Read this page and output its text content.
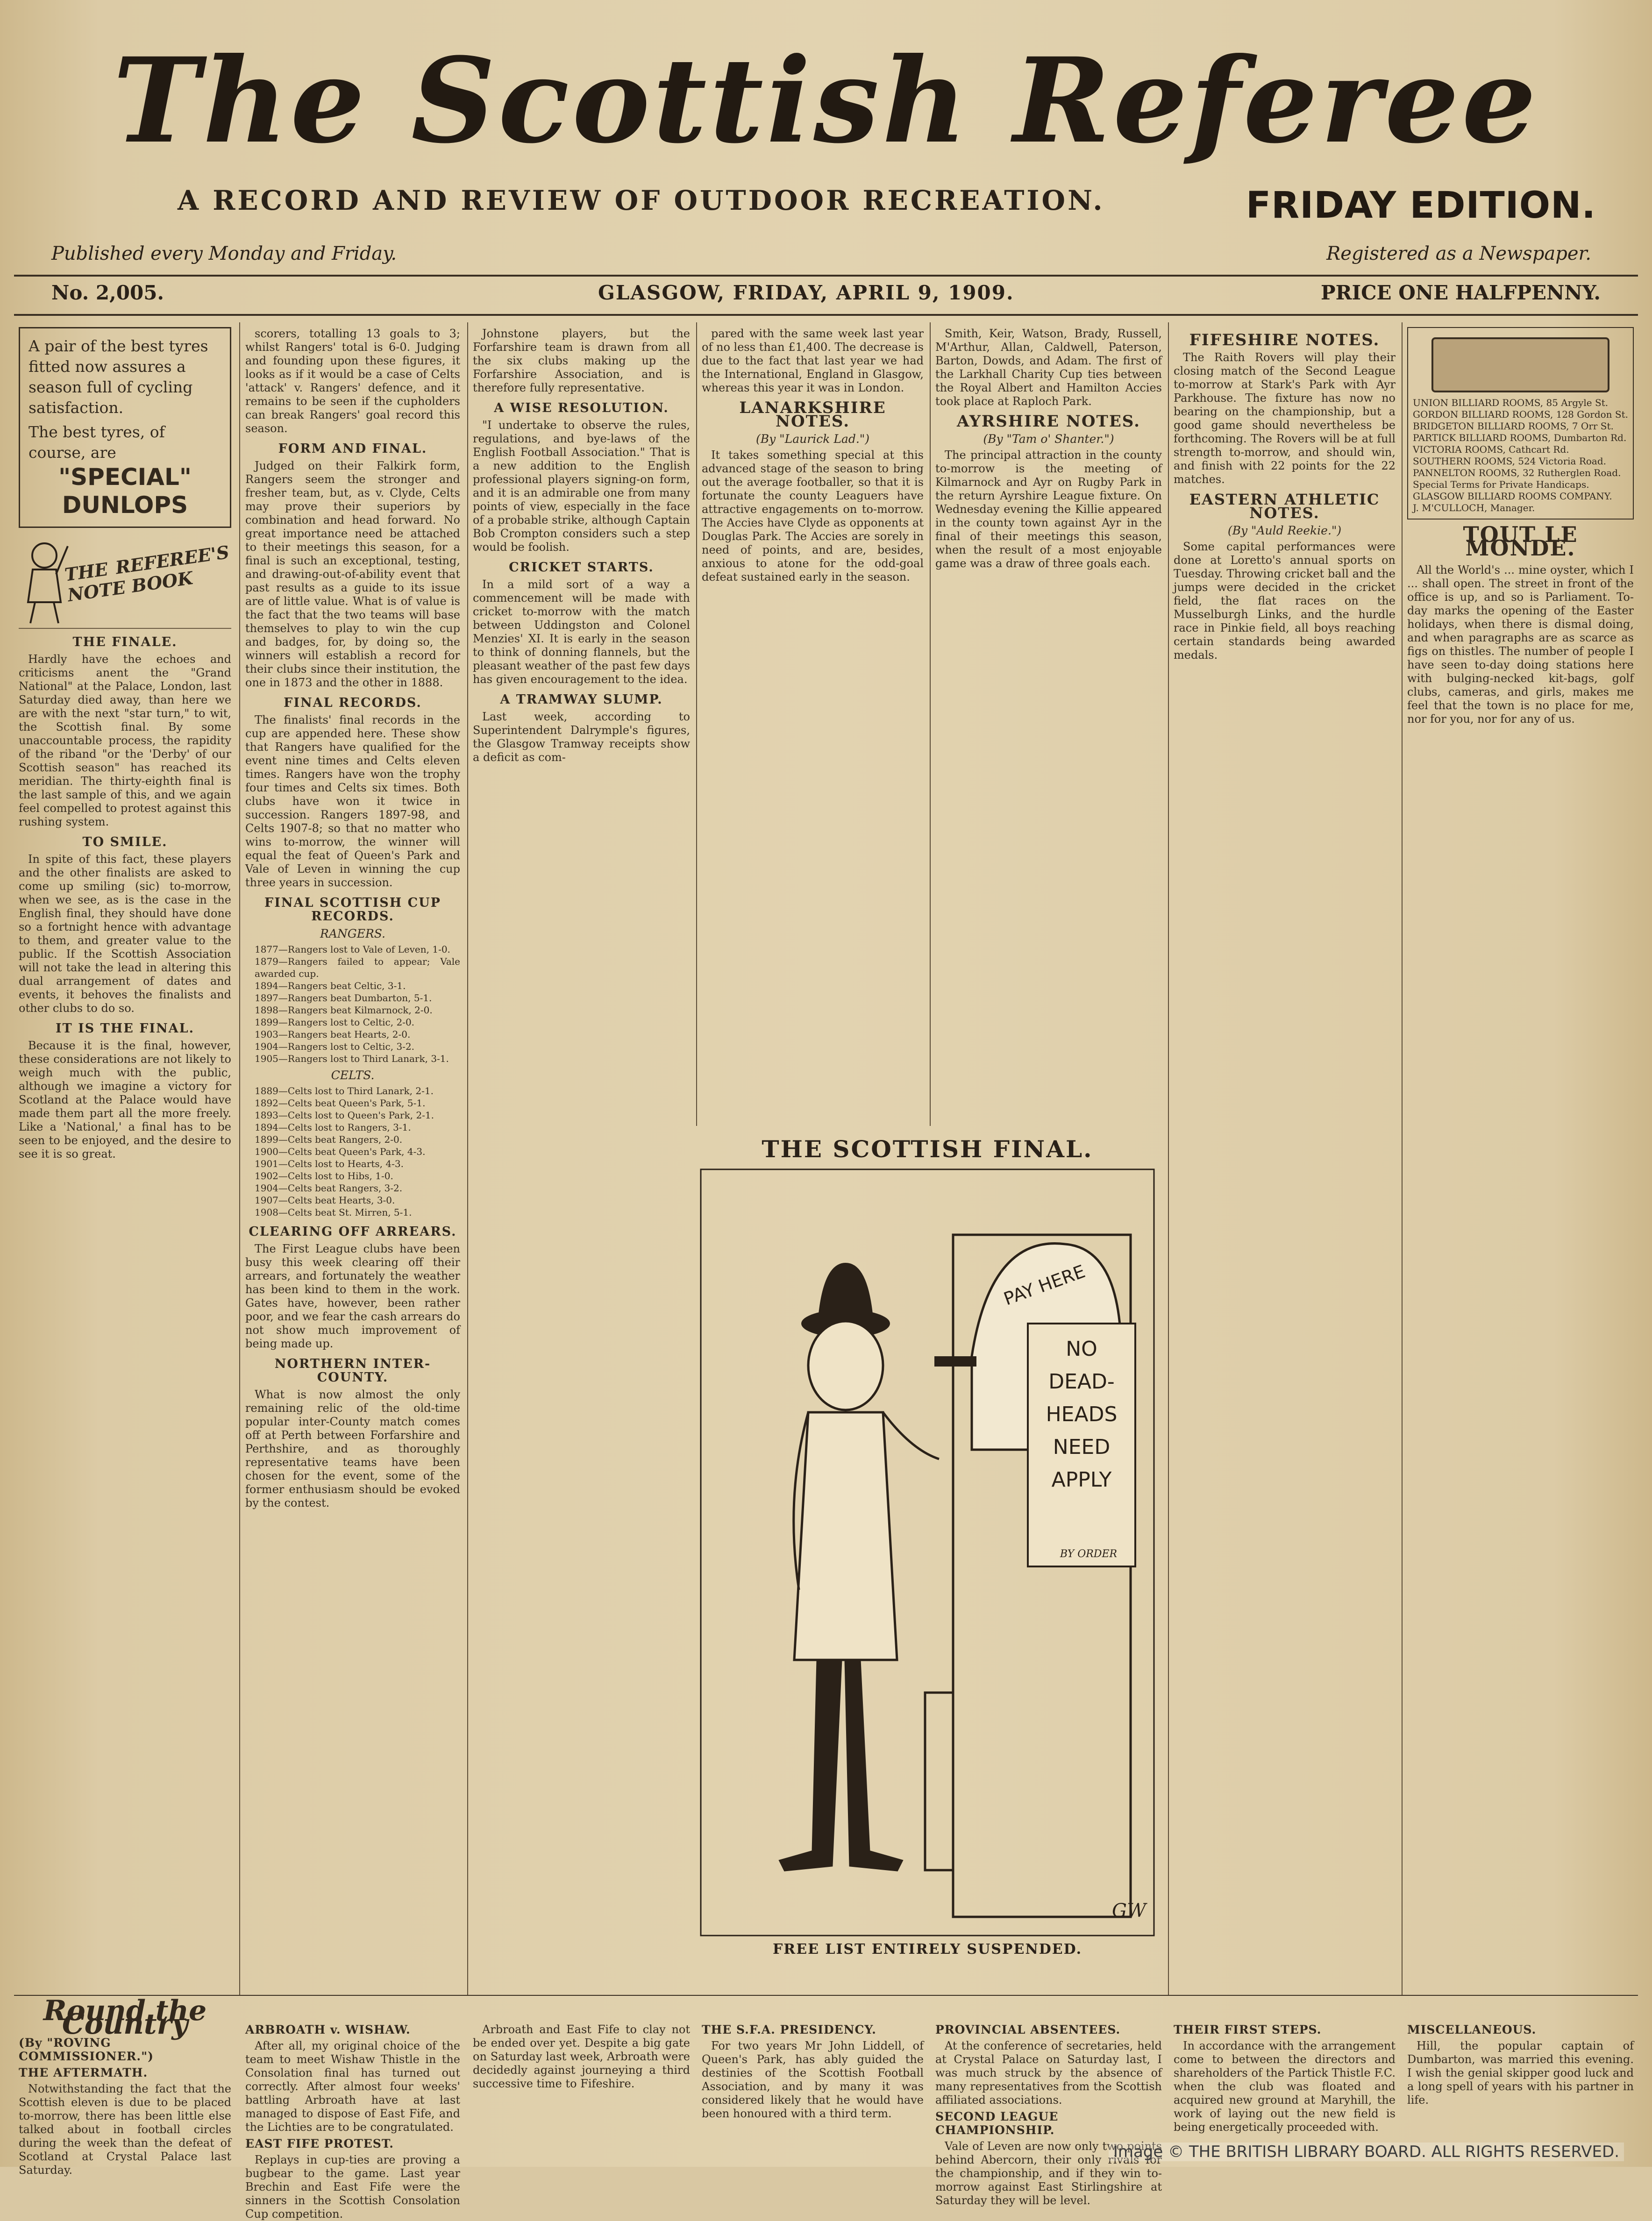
The Scottish Referee
A RECORD AND REVIEW OF OUTDOOR RECREATION.	FRIDAY EDITION.
Published every Monday and Friday.	Registered as a Newspaper.
No. 2,005.	GLASGOW, FRIDAY, APRIL 9, 1909.	PRICE ONE HALFPENNY.
A pair of the best tyres fitted now assures a season full of cycling satisfaction.
The best tyres, of course, are
"SPECIAL" DUNLOPS
THE REFEREE'S NOTE BOOK
THE FINALE.

Hardly have the echoes and criticisms anent the "Grand National" at the Palace, London, last Saturday died away, than here we are with the next "star turn," to wit, the Scottish final. By some unaccountable process, the rapidity of the riband "or the 'Derby' of our Scottish season" has reached its meridian. The thirty-eighth final is the last sample of this, and we again feel compelled to protest against this rushing system.

TO SMILE.

In spite of this fact, these players and the other finalists are asked to come up smiling (sic) to-morrow, when we see, as is the case in the English final, they should have done so a fortnight hence with advantage to them, and greater value to the public. If the Scottish Association will not take the lead in altering this dual arrangement of dates and events, it behoves the finalists and other clubs to do so.

IT IS THE FINAL.

Because it is the final, however, these considerations are not likely to weigh much with the public, although we imagine a victory for Scotland at the Palace would have made them part all the more freely. Like a 'National,' a final has to be seen to be enjoyed, and the desire to see it is so great.

scorers, totalling 13 goals to 3; whilst Rangers' total is 6-0. Judging and founding upon these figures, it looks as if it would be a case of Celts 'attack' v. Rangers' defence, and it remains to be seen if the cupholders can break Rangers' goal record this season.

FORM AND FINAL.

Judged on their Falkirk form, Rangers seem the stronger and fresher team, but, as v. Clyde, Celts may prove their superiors by combination and head forward. No great importance need be attached to their meetings this season, for a final is such an exceptional, testing, and drawing-out-of-ability event that past results as a guide to its issue are of little value. What is of value is the fact that the two teams will base themselves to play to win the cup and badges, for, by doing so, the winners will establish a record for their clubs since their institution, the one in 1873 and the other in 1888.

FINAL RECORDS.

The finalists' final records in the cup are appended here. These show that Rangers have qualified for the event nine times and Celts eleven times. Rangers have won the trophy four times and Celts six times. Both clubs have won it twice in succession. Rangers 1897-98, and Celts 1907-8; so that no matter who wins to-morrow, the winner will equal the feat of Queen's Park and Vale of Leven in winning the cup three years in succession.

FINAL SCOTTISH CUP RECORDS.
RANGERS.
1877—Rangers lost to Vale of Leven, 1-0.
1879—Rangers failed to appear; Vale awarded cup.
1894—Rangers beat Celtic, 3-1.
1897—Rangers beat Dumbarton, 5-1.
1898—Rangers beat Kilmarnock, 2-0.
1899—Rangers lost to Celtic, 2-0.
1903—Rangers beat Hearts, 2-0.
1904—Rangers lost to Celtic, 3-2.
1905—Rangers lost to Third Lanark, 3-1.
CELTS.
1889—Celts lost to Third Lanark, 2-1.
1892—Celts beat Queen's Park, 5-1.
1893—Celts lost to Queen's Park, 2-1.
1894—Celts lost to Rangers, 3-1.
1899—Celts beat Rangers, 2-0.
1900—Celts beat Queen's Park, 4-3.
1901—Celts lost to Hearts, 4-3.
1902—Celts lost to Hibs, 1-0.
1904—Celts beat Rangers, 3-2.
1907—Celts beat Hearts, 3-0.
1908—Celts beat St. Mirren, 5-1.
CLEARING OFF ARREARS.

The First League clubs have been busy this week clearing off their arrears, and fortunately the weather has been kind to them in the work. Gates have, however, been rather poor, and we fear the cash arrears do not show much improvement of being made up.

NORTHERN INTER-COUNTY.

What is now almost the only remaining relic of the old-time popular inter-County match comes off at Perth between Forfarshire and Perthshire, and as thoroughly representative teams have been chosen for the event, some of the former enthusiasm should be evoked by the contest.

Johnstone players, but the Forfarshire team is drawn from all the six clubs making up the Forfarshire Association, and is therefore fully representative.

A WISE RESOLUTION.

"I undertake to observe the rules, regulations, and bye-laws of the English Football Association." That is a new addition to the English professional players signing-on form, and it is an admirable one from many points of view, especially in the face of a probable strike, although Captain Bob Crompton considers such a step would be foolish.

CRICKET STARTS.

In a mild sort of a way a commencement will be made with cricket to-morrow with the match between Uddingston and Colonel Menzies' XI. It is early in the season to think of donning flannels, but the pleasant weather of the past few days has given encouragement to the idea.

A TRAMWAY SLUMP.

Last week, according to Superintendent Dalrymple's figures, the Glasgow Tramway receipts show a deficit as com-

pared with the same week last year of no less than £1,400. The decrease is due to the fact that last year we had the International, England in Glasgow, whereas this year it was in London.

LANARKSHIRE NOTES.
(By "Laurick Lad.")

It takes something special at this advanced stage of the season to bring out the average footballer, so that it is fortunate the county Leaguers have attractive engagements on to-morrow. The Accies have Clyde as opponents at Douglas Park. The Accies are sorely in need of points, and are, besides, anxious to atone for the odd-goal defeat sustained early in the season.

Smith, Keir, Watson, Brady, Russell, M'Arthur, Allan, Caldwell, Paterson, Barton, Dowds, and Adam. The first of the Larkhall Charity Cup ties between the Royal Albert and Hamilton Accies took place at Raploch Park.

AYRSHIRE NOTES.
(By "Tam o' Shanter.")

The principal attraction in the county to-morrow is the meeting of Kilmarnock and Ayr on Rugby Park in the return Ayrshire League fixture. On Wednesday evening the Killie appeared in the county town against Ayr in the final of their meetings this season, when the result of a most enjoyable game was a draw of three goals each.

FIFESHIRE NOTES.

The Raith Rovers will play their closing match of the Second League to-morrow at Stark's Park with Ayr Parkhouse. The fixture has now no bearing on the championship, but a good game should nevertheless be forthcoming. The Rovers will be at full strength to-morrow, and should win, and finish with 22 points for the 22 matches.

EASTERN ATHLETIC NOTES.
(By "Auld Reekie.")

Some capital performances were done at Loretto's annual sports on Tuesday. Throwing cricket ball and the jumps were decided in the cricket field, the flat races on the Musselburgh Links, and the hurdle race in Pinkie field, all boys reaching certain standards being awarded medals.

UNION BILLIARD ROOMS, 85 Argyle St.
GORDON BILLIARD ROOMS, 128 Gordon St.
BRIDGETON BILLIARD ROOMS, 7 Orr St.
PARTICK BILLIARD ROOMS, Dumbarton Rd.
VICTORIA ROOMS, Cathcart Rd.
SOUTHERN ROOMS, 524 Victoria Road.
PANNELTON ROOMS, 32 Rutherglen Road.
Special Terms for Private Handicaps.
GLASGOW BILLIARD ROOMS COMPANY.
J. M'CULLOCH, Manager.
TOUT LE MONDE.

All the World's ... mine oyster, which I ... shall open. The street in front of the office is up, and so is Parliament. To-day marks the opening of the Easter holidays, when there is dismal doing, and when paragraphs are as scarce as figs on thistles. The number of people I have seen to-day doing stations here with bulging-necked kit-bags, golf clubs, cameras, and girls, makes me feel that the town is no place for me, nor for you, nor for any of us.

THE SCOTTISH FINAL.
PAY HERE
NO DEAD-HEADS NEED APPLY
BY ORDER
GW
FREE LIST ENTIRELY SUSPENDED.
Round the Country
(By "ROVING COMMISSIONER.")
THE AFTERMATH.

Notwithstanding the fact that the Scottish eleven is due to be placed to-morrow, there has been little else talked about in football circles during the week than the defeat of Scotland at Crystal Palace last Saturday.

ARBROATH v. WISHAW.

After all, my original choice of the team to meet Wishaw Thistle in the Consolation final has turned out correctly. After almost four weeks' battling Arbroath have at last managed to dispose of East Fife, and the Lichties are to be congratulated.

EAST FIFE PROTEST.

Replays in cup-ties are proving a bugbear to the game. Last year Brechin and East Fife were the sinners in the Scottish Consolation Cup competition.

Arbroath and East Fife to clay not be ended over yet. Despite a big gate on Saturday last week, Arbroath were decidedly against journeying a third successive time to Fifeshire.

THE S.F.A. PRESIDENCY.

For two years Mr John Liddell, of Queen's Park, has ably guided the destinies of the Scottish Football Association, and by many it was considered likely that he would have been honoured with a third term.

PROVINCIAL ABSENTEES.

At the conference of secretaries, held at Crystal Palace on Saturday last, I was much struck by the absence of many representatives from the Scottish affiliated associations.

SECOND LEAGUE CHAMPIONSHIP.

Vale of Leven are now only two points behind Abercorn, their only rivals for the championship, and if they win to-morrow against East Stirlingshire at Saturday they will be level.

THEIR FIRST STEPS.

In accordance with the arrangement come to between the directors and shareholders of the Partick Thistle F.C. when the club was floated and acquired new ground at Maryhill, the work of laying out the new field is being energetically proceeded with.

MISCELLANEOUS.

Hill, the popular captain of Dumbarton, was married this evening. I wish the genial skipper good luck and a long spell of years with his partner in life.

Image © THE BRITISH LIBRARY BOARD. ALL RIGHTS RESERVED.
